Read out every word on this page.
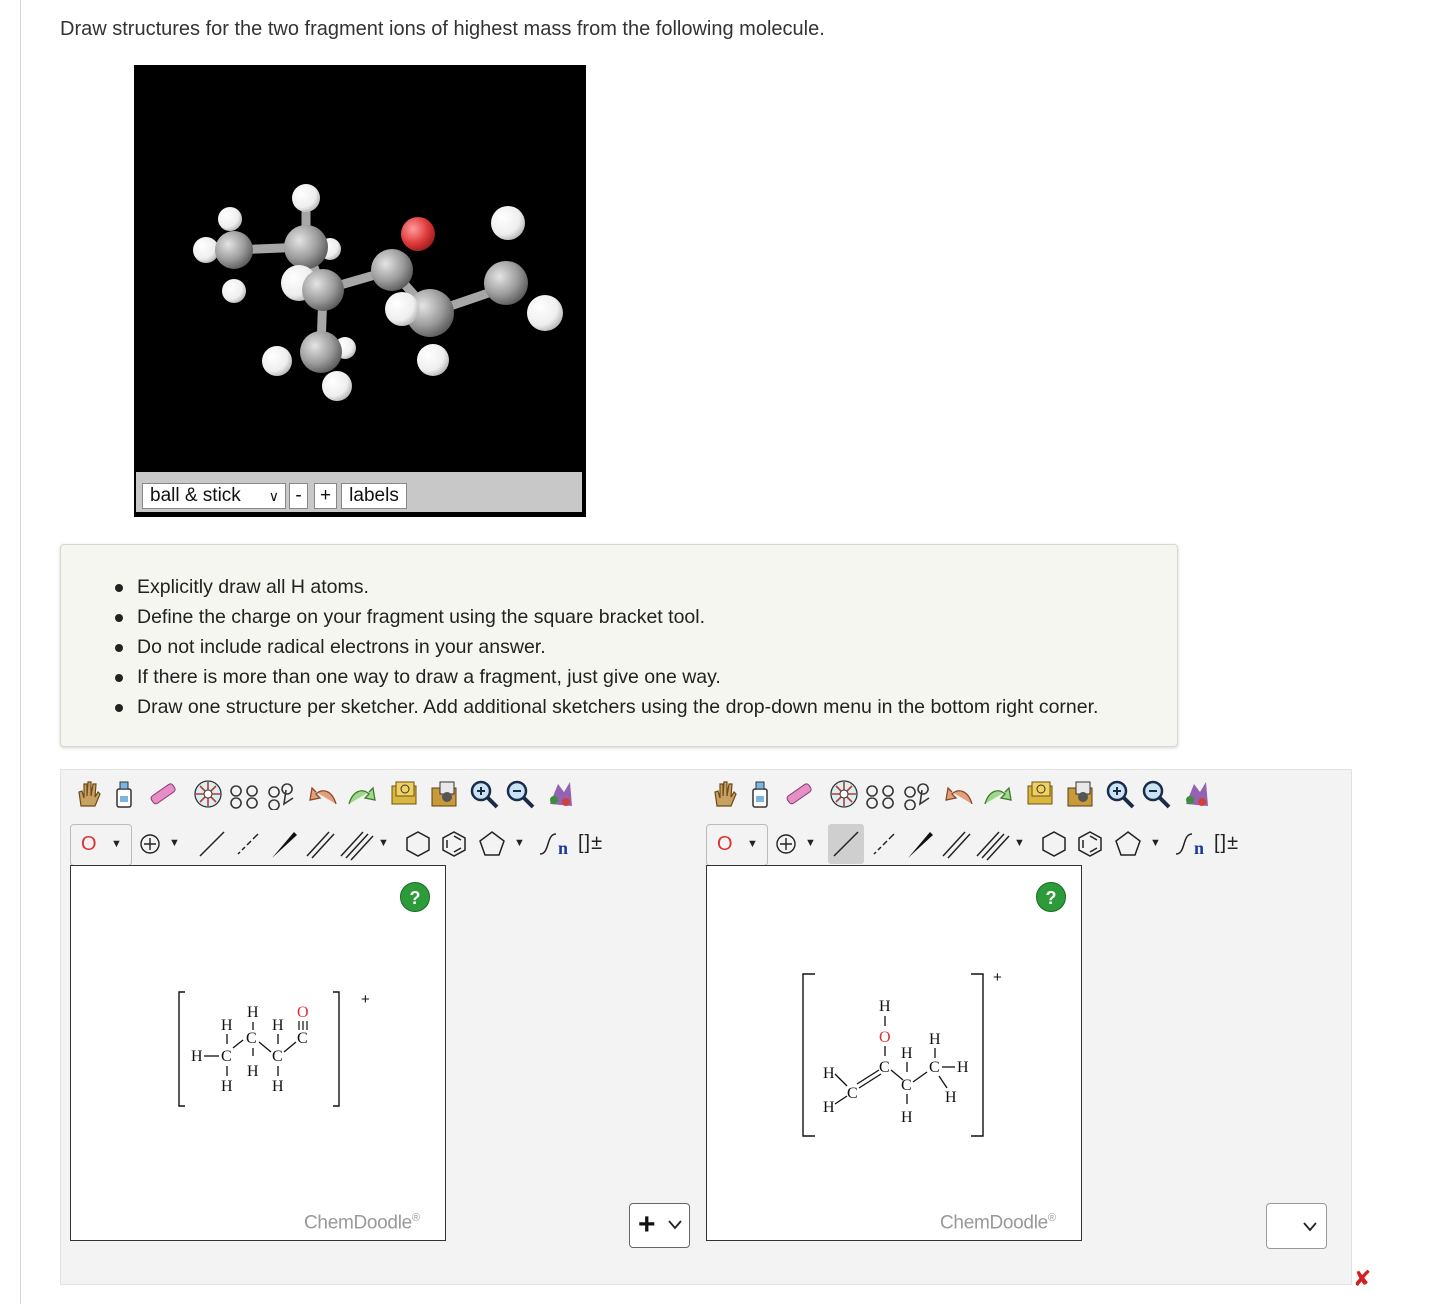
Draw structures for the two fragment ions of highest mass from the following molecule.
ball & stick ∨ - + labels
Explicitly draw all H atoms.
Define the charge on your fragment using the square bracket tool.
Do not include radical electrons in your answer.
If there is more than one way to draw a fragment, just give one way.
Draw one structure per sketcher. Add additional sketchers using the drop-down menu in the bottom right corner.
O ▼	▼	▼	▼ n []±
?
+
H C
H
H
C
H
H
C
H
H
C
O
ChemDoodle®
O ▼	▼	▼	▼ n []±
?
+
H
O
C
C
H
H
H
C
H
C H
H
H
ChemDoodle®
+
✘
